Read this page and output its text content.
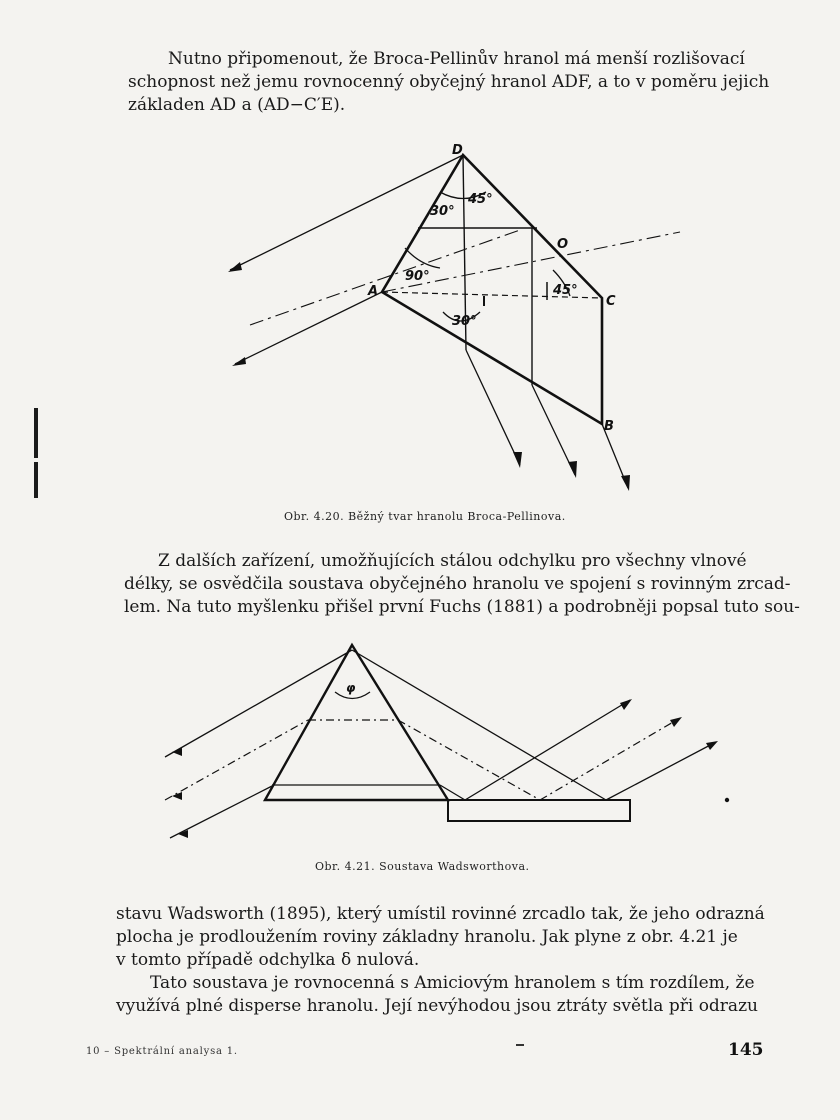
Nutno připomenout, že Broca-Pellinův hranol má menší rozlišovací
schopnost než jemu rovnocenný obyčejný hranol ADF, a to v poměru jejich
základen AD a (AD−C′E).
D
A
C
B
O
30°
45°
90°
45°
30°
Obr. 4.20. Běžný tvar hranolu Broca-Pellinova.
Z dalších zařízení, umožňujících stálou odchylku pro všechny vlnové
délky, se osvědčila soustava obyčejného hranolu ve spojení s rovinným zrcad-
lem. Na tuto myšlenku přišel první Fuchs (1881) a podrobněji popsal tuto sou-
φ
Obr. 4.21. Soustava Wadsworthova.
stavu Wadsworth (1895), který umístil rovinné zrcadlo tak, že jeho odrazná
plocha je prodloužením roviny základny hranolu. Jak plyne z obr. 4.21 je
v tomto případě odchylka δ nulová.
Tato soustava je rovnocenná s Amiciovým hranolem s tím rozdílem, že
využívá plné disperse hranolu. Její nevýhodou jsou ztráty světla při odrazu
10 – Spektrální analysa 1.	145
